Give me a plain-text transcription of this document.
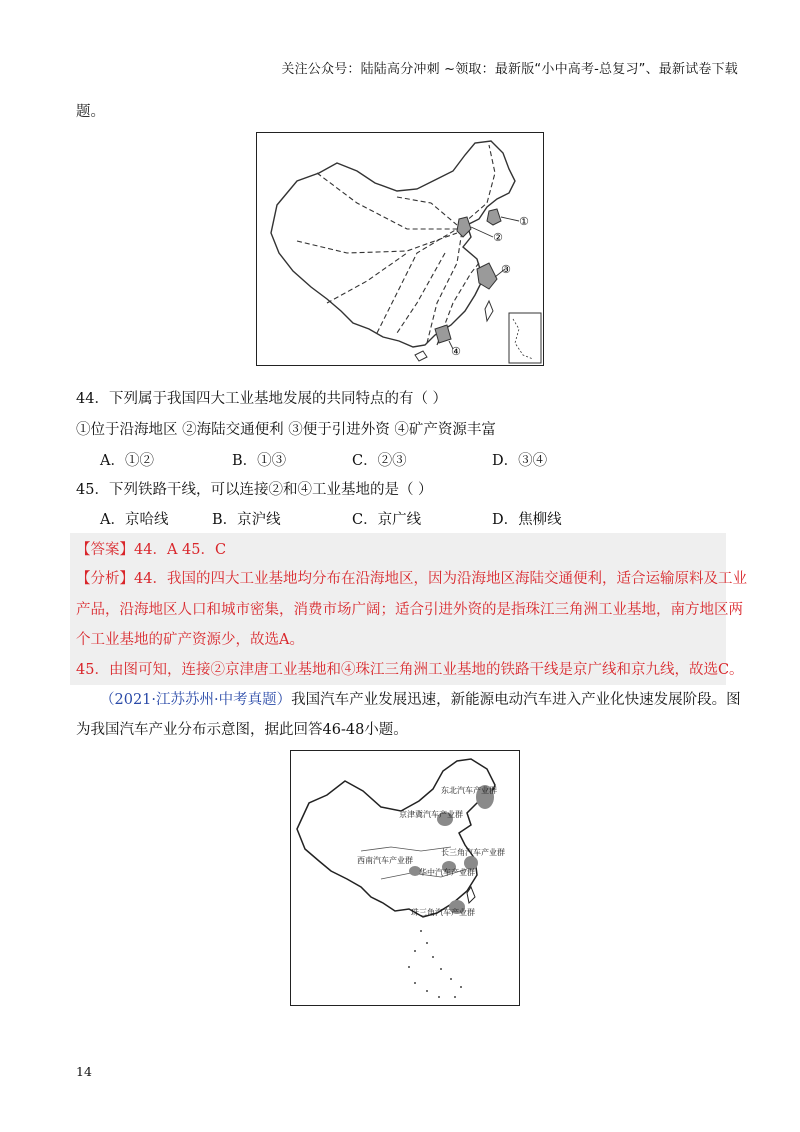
关注公众号：陆陆高分冲刺 ~领取：最新版“小中高考-总复习”、最新试卷下载
题。
①
②
③
④
44．下列属于我国四大工业基地发展的共同特点的有（ ）
①位于沿海地区 ②海陆交通便利 ③便于引进外资 ④矿产资源丰富
A．①②	B．①③	C．②③	D．③④
45．下列铁路干线，可以连接②和④工业基地的是（ ）
A．京哈线	B．京沪线	C．京广线	D．焦柳线
【答案】44．A 45．C
【分析】44．我国的四大工业基地均分布在沿海地区，因为沿海地区海陆交通便利，适合运输原料及工业
产品，沿海地区人口和城市密集，消费市场广阔；适合引进外资的是指珠江三角洲工业基地，南方地区两
个工业基地的矿产资源少，故选A。
45．由图可知，连接②京津唐工业基地和④珠江三角洲工业基地的铁路干线是京广线和京九线，故选C。
（2021·江苏苏州·中考真题）我国汽车产业发展迅速，新能源电动汽车进入产业化快速发展阶段。图
为我国汽车产业分布示意图，据此回答46-48小题。
东北汽车产业群
京津冀汽车产业群
西南汽车产业群
华中汽车产业群
长三角汽车产业群
珠三角汽车产业群
14
